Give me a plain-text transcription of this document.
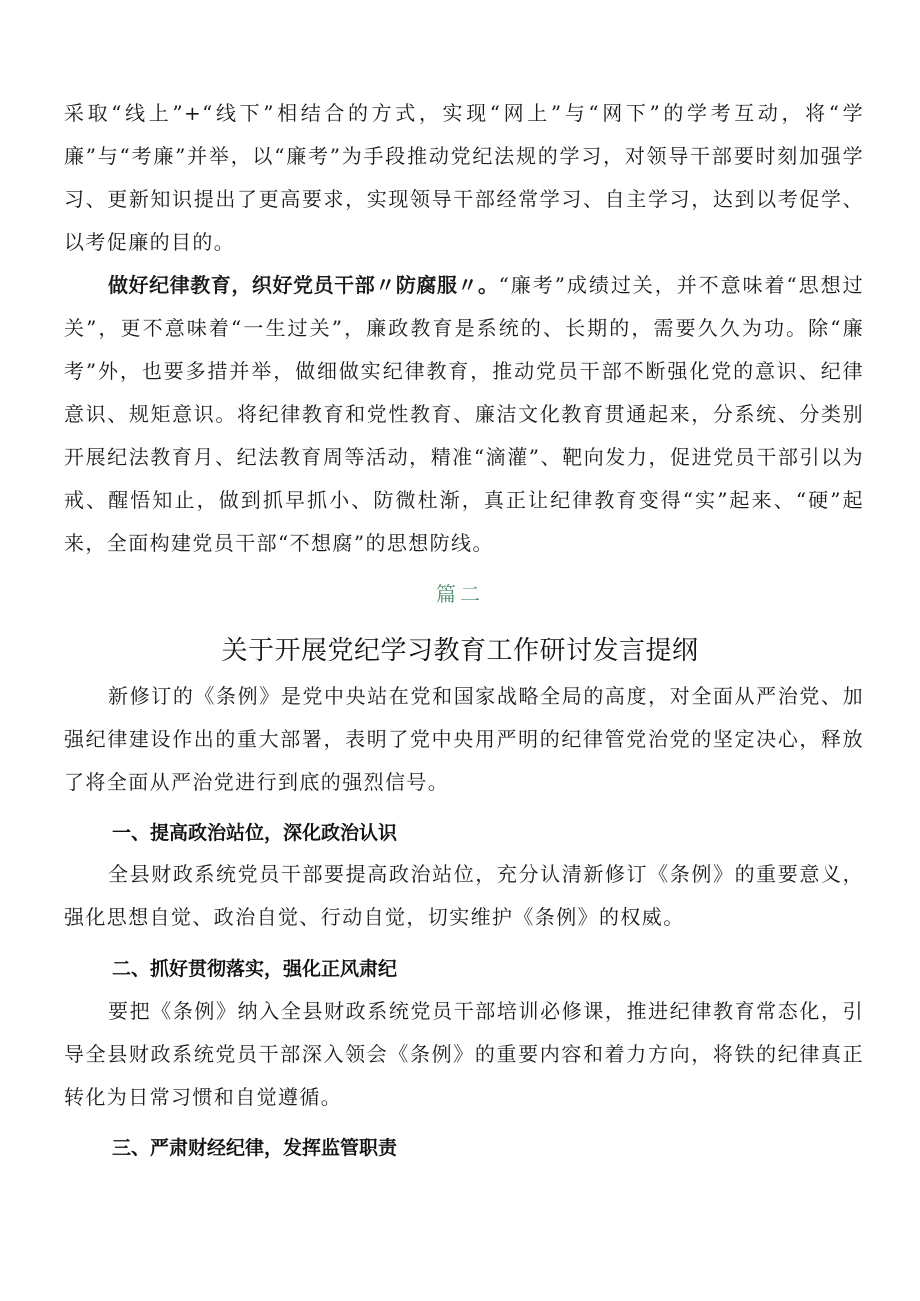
采取“线上”+“线下”相结合的方式，实现“网上”与“网下”的学考互动，将“学廉”与“考廉”并举，以“廉考”为手段推动党纪法规的学习，对领导干部要时刻加强学习、更新知识提出了更高要求，实现领导干部经常学习、自主学习，达到以考促学、以考促廉的目的。

做好纪律教育，织好党员干部〃防腐服〃。“廉考”成绩过关，并不意味着“思想过关”，更不意味着“一生过关”，廉政教育是系统的、长期的，需要久久为功。除“廉考”外，也要多措并举，做细做实纪律教育，推动党员干部不断强化党的意识、纪律意识、规矩意识。将纪律教育和党性教育、廉洁文化教育贯通起来，分系统、分类别开展纪法教育月、纪法教育周等活动，精准“滴灌”、靶向发力，促进党员干部引以为戒、醒悟知止，做到抓早抓小、防微杜渐，真正让纪律教育变得“实”起来、“硬”起来，全面构建党员干部“不想腐”的思想防线。

篇二
关于开展党纪学习教育工作研讨发言提纲

新修订的《条例》是党中央站在党和国家战略全局的高度，对全面从严治党、加强纪律建设作出的重大部署，表明了党中央用严明的纪律管党治党的坚定决心，释放了将全面从严治党进行到底的强烈信号。

一、提高政治站位，深化政治认识

全县财政系统党员干部要提高政治站位，充分认清新修订《条例》的重要意义，强化思想自觉、政治自觉、行动自觉，切实维护《条例》的权威。

二、抓好贯彻落实，强化正风肃纪

要把《条例》纳入全县财政系统党员干部培训必修课，推进纪律教育常态化，引导全县财政系统党员干部深入领会《条例》的重要内容和着力方向，将铁的纪律真正转化为日常习惯和自觉遵循。

三、严肃财经纪律，发挥监管职责
